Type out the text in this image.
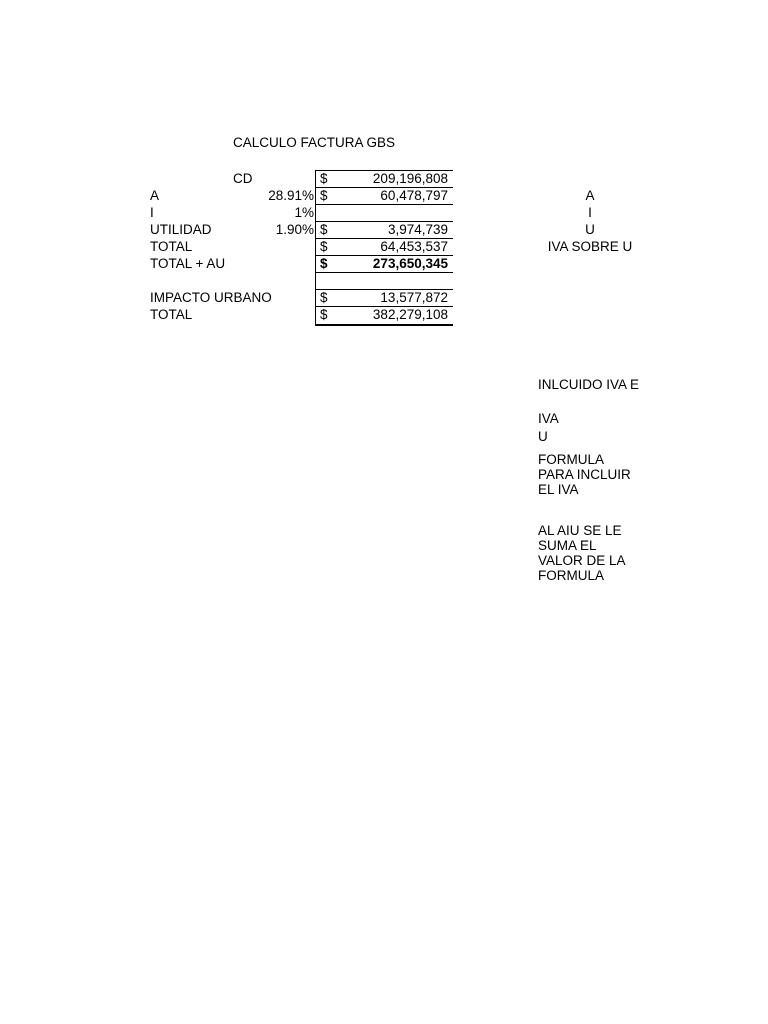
CALCULO FACTURA GBS
CD
A
I
UTILIDAD
TOTAL
TOTAL + AU
IMPACTO URBANO
TOTAL
28.91%
1%
1.90%
$
$
$
$
$
$
$
209,196,808
60,478,797
3,974,739
64,453,537
273,650,345
13,577,872
382,279,108
A
I
U
IVA SOBRE U
INLCUIDO IVA E
IVA
U
FORMULA
PARA INCLUIR
EL IVA
AL AIU SE LE
SUMA EL
VALOR DE LA
FORMULA
